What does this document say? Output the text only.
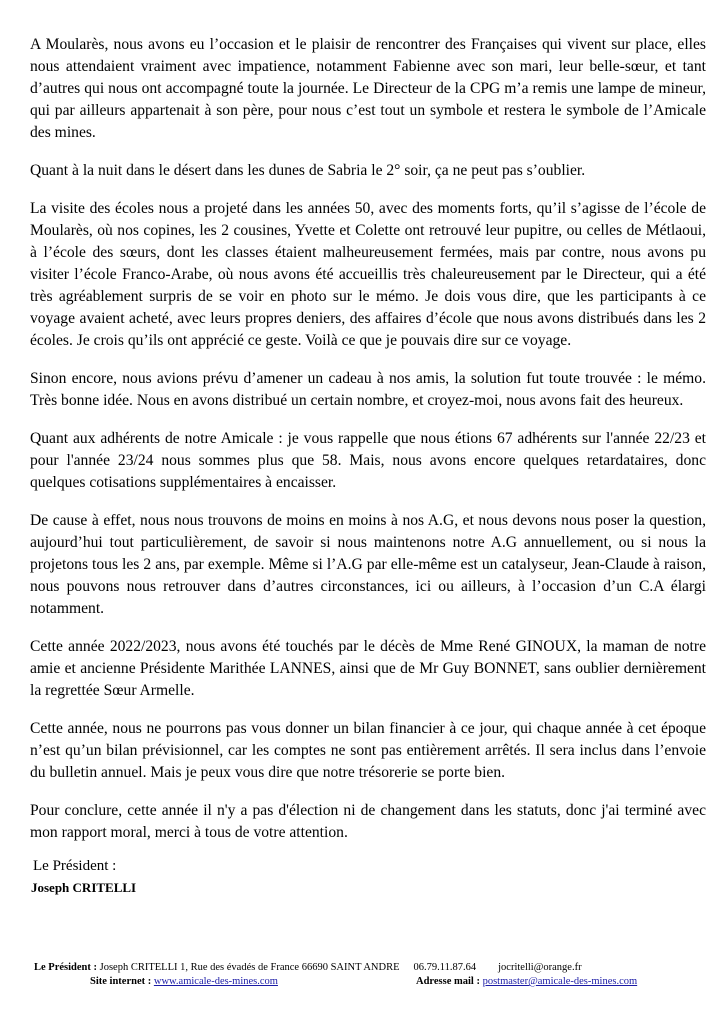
A Moularès, nous avons eu l’occasion et le plaisir de rencontrer des Françaises qui vivent sur place, elles nous attendaient vraiment avec impatience, notamment Fabienne avec son mari, leur belle-sœur, et tant d’autres qui nous ont accompagné toute la journée. Le Directeur de la CPG m’a remis une lampe de mineur, qui par ailleurs appartenait à son père, pour nous c’est tout un symbole et restera le symbole de l’Amicale des mines.

Quant à la nuit dans le désert dans les dunes de Sabria le 2° soir, ça ne peut pas s’oublier.

La visite des écoles nous a projeté dans les années 50, avec des moments forts, qu’il s’agisse de l’école de Moularès, où nos copines, les 2 cousines, Yvette et Colette ont retrouvé leur pupitre, ou celles de Métlaoui, à l’école des sœurs, dont les classes étaient malheureusement fermées, mais par contre, nous avons pu visiter l’école Franco-Arabe, où nous avons été accueillis très chaleureusement par le Directeur, qui a été très agréablement surpris de se voir en photo sur le mémo. Je dois vous dire, que les participants à ce voyage avaient acheté, avec leurs propres deniers, des affaires d’école que nous avons distribués dans les 2 écoles. Je crois qu’ils ont apprécié ce geste. Voilà ce que je pouvais dire sur ce voyage.

Sinon encore, nous avions prévu d’amener un cadeau à nos amis, la solution fut toute trouvée : le mémo. Très bonne idée. Nous en avons distribué un certain nombre, et croyez-moi, nous avons fait des heureux.

Quant aux adhérents de notre Amicale : je vous rappelle que nous étions 67 adhérents sur l'année 22/23 et pour l'année 23/24 nous sommes plus que 58. Mais, nous avons encore quelques retardataires, donc quelques cotisations supplémentaires à encaisser.

De cause à effet, nous nous trouvons de moins en moins à nos A.G, et nous devons nous poser la question, aujourd’hui tout particulièrement, de savoir si nous maintenons notre A.G annuellement, ou si nous la projetons tous les 2 ans, par exemple. Même si l’A.G par elle-même est un catalyseur, Jean-Claude à raison, nous pouvons nous retrouver dans d’autres circonstances, ici ou ailleurs, à l’occasion d’un C.A élargi notamment.

Cette année 2022/2023, nous avons été touchés par le décès de Mme René GINOUX, la maman de notre amie et ancienne Présidente Marithée LANNES, ainsi que de Mr Guy BONNET, sans oublier dernièrement la regrettée Sœur Armelle.

Cette année, nous ne pourrons pas vous donner un bilan financier à ce jour, qui chaque année à cet époque n’est qu’un bilan prévisionnel, car les comptes ne sont pas entièrement arrêtés. Il sera inclus dans l’envoie du bulletin annuel. Mais je peux vous dire que notre trésorerie se porte bien.

Pour conclure, cette année il n'y a pas d'élection ni de changement dans les statuts, donc j'ai terminé avec mon rapport moral, merci à tous de votre attention.

Le Président :
Joseph CRITELLI
Le Président : Joseph CRITELLI 1, Rue des évadés de France 66690 SAINT ANDRE 06.79.11.87.64 jocritelli@orange.fr
Site internet : www.amicale-des-mines.com	Adresse mail : postmaster@amicale-des-mines.com
